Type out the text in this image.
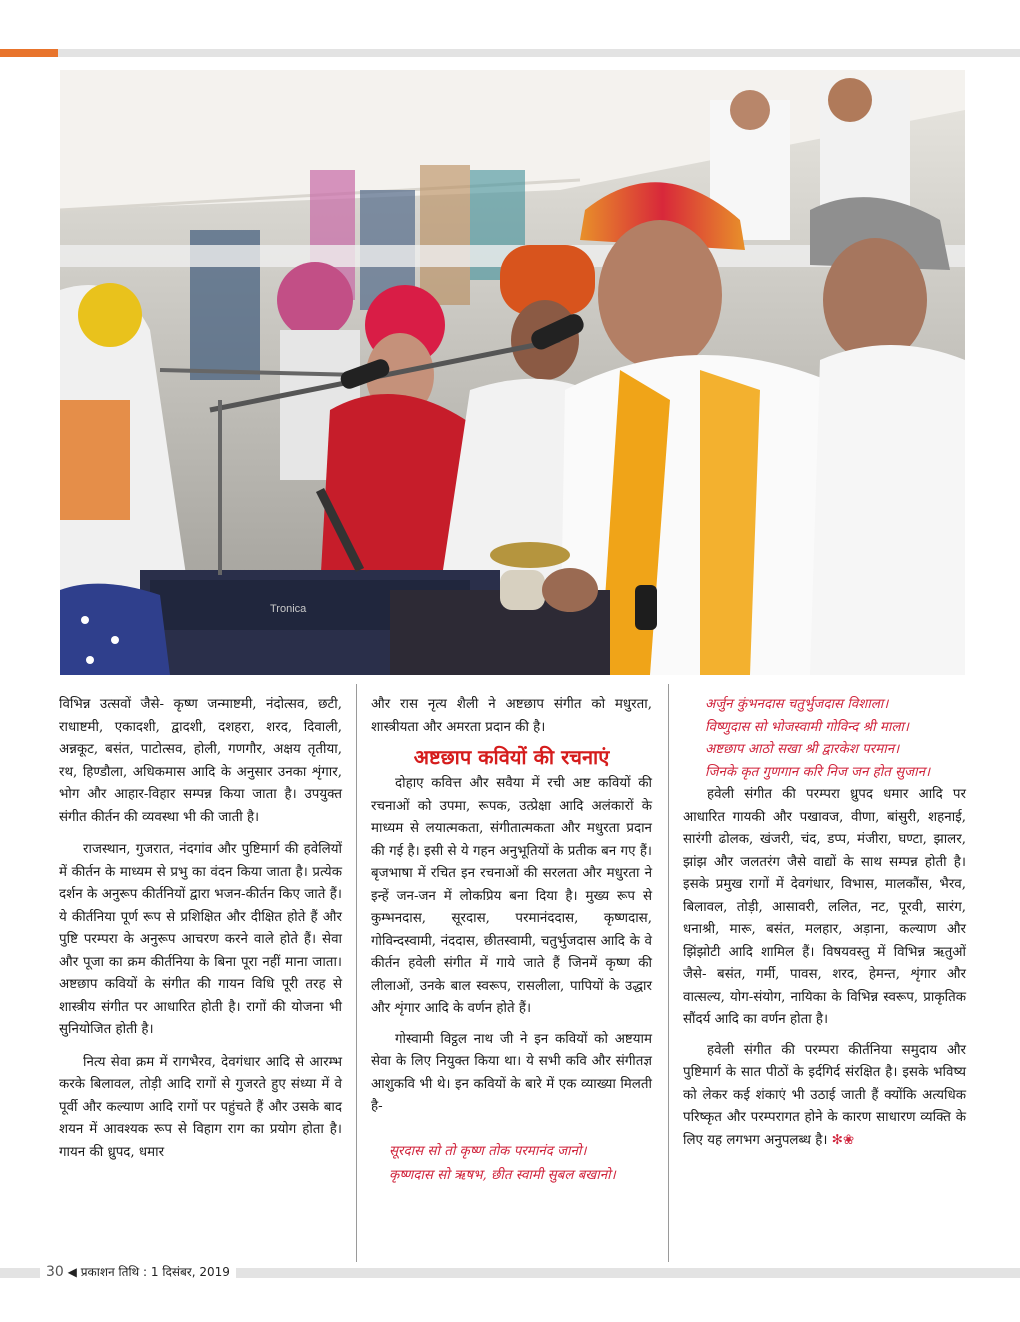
Tronica

विभिन्न उत्सवों जैसे- कृष्ण जन्माष्टमी, नंदोत्सव, छटी, राधाष्टमी, एकादशी, द्वादशी, दशहरा, शरद, दिवाली, अन्नकूट, बसंत, पाटोत्सव, होली, गणगौर, अक्षय तृतीया, रथ, हिण्डौला, अधिकमास आदि के अनुसार उनका शृंगार, भोग और आहार-विहार सम्पन्न किया जाता है। उपयुक्त संगीत कीर्तन की व्यवस्था भी की जाती है।

राजस्थान, गुजरात, नंदगांव और पुष्टिमार्ग की हवेलियों में कीर्तन के माध्यम से प्रभु का वंदन किया जाता है। प्रत्येक दर्शन के अनुरूप कीर्तनियों द्वारा भजन-कीर्तन किए जाते हैं। ये कीर्तनिया पूर्ण रूप से प्रशिक्षित और दीक्षित होते हैं और पुष्टि परम्परा के अनुरूप आचरण करने वाले होते हैं। सेवा और पूजा का क्रम कीर्तनिया के बिना पूरा नहीं माना जाता। अष्टछाप कवियों के संगीत की गायन विधि पूरी तरह से शास्त्रीय संगीत पर आधारित होती है। रागों की योजना भी सुनियोजित होती है।

नित्य सेवा क्रम में रागभैरव, देवगंधार आदि से आरम्भ करके बिलावल, तोड़ी आदि रागों से गुजरते हुए संध्या में वे पूर्वी और कल्याण आदि रागों पर पहुंचते हैं और उसके बाद शयन में आवश्यक रूप से विहाग राग का प्रयोग होता है। गायन की ध्रुपद, धमार

और रास नृत्य शैली ने अष्टछाप संगीत को मधुरता, शास्त्रीयता और अमरता प्रदान की है।

अष्टछाप कवियों की रचनाएं

दोहाए कवित्त और सवैया में रची अष्ट कवियों की रचनाओं को उपमा, रूपक, उत्प्रेक्षा आदि अलंकारों के माध्यम से लयात्मकता, संगीतात्मकता और मधुरता प्रदान की गई है। इसी से ये गहन अनुभूतियों के प्रतीक बन गए हैं। बृजभाषा में रचित इन रचनाओं की सरलता और मधुरता ने इन्हें जन-जन में लोकप्रिय बना दिया है। मुख्य रूप से कुम्भनदास, सूरदास, परमानंददास, कृष्णदास, गोविन्दस्वामी, नंददास, छीतस्वामी, चतुर्भुजदास आदि के वे कीर्तन हवेली संगीत में गाये जाते हैं जिनमें कृष्ण की लीलाओं, उनके बाल स्वरूप, रासलीला, पापियों के उद्धार और शृंगार आदि के वर्णन होते हैं।

गोस्वामी विट्ठल नाथ जी ने इन कवियों को अष्टयाम सेवा के लिए नियुक्त किया था। ये सभी कवि और संगीतज्ञ आशुकवि भी थे। इन कवियों के बारे में एक व्याख्या मिलती है-

सूरदास सो तो कृष्ण तोक परमानंद जानो।

कृष्णदास सो ऋषभ, छीत स्वामी सुबल बखानो।

अर्जुन कुंभनदास चतुर्भुजदास विशाला।

विष्णुदास सो भोजस्वामी गोविन्द श्री माला।

अष्टछाप आठो सखा श्री द्वारकेश परमान।

जिनके कृत गुणगान करि निज जन होत सुजान।

हवेली संगीत की परम्परा ध्रुपद धमार आदि पर आधारित गायकी और पखावज, वीणा, बांसुरी, शहनाई, सारंगी ढोलक, खंजरी, चंद, डप्प, मंजीरा, घण्टा, झालर, झांझ और जलतरंग जैसे वाद्यों के साथ सम्पन्न होती है। इसके प्रमुख रागों में देवगंधार, विभास, मालकौंस, भैरव, बिलावल, तोड़ी, आसावरी, ललित, नट, पूरवी, सारंग, धनाश्री, मारू, बसंत, मलहार, अड़ाना, कल्याण और झिंझोटी आदि शामिल हैं। विषयवस्तु में विभिन्न ऋतुओं जैसे- बसंत, गर्मी, पावस, शरद, हेमन्त, शृंगार और वात्सल्य, योग-संयोग, नायिका के विभिन्न स्वरूप, प्राकृतिक सौंदर्य आदि का वर्णन होता है।

हवेली संगीत की परम्परा कीर्तनिया समुदाय और पुष्टिमार्ग के सात पीठों के इर्दगिर्द संरक्षित है। इसके भविष्य को लेकर कई शंकाएं भी उठाई जाती हैं क्योंकि अत्यधिक परिष्कृत और परम्परागत होने के कारण साधारण व्यक्ति के लिए यह लगभग अनुपलब्ध है। ✻❀

30 ◀ प्रकाशन तिथि : 1 दिसंबर, 2019
